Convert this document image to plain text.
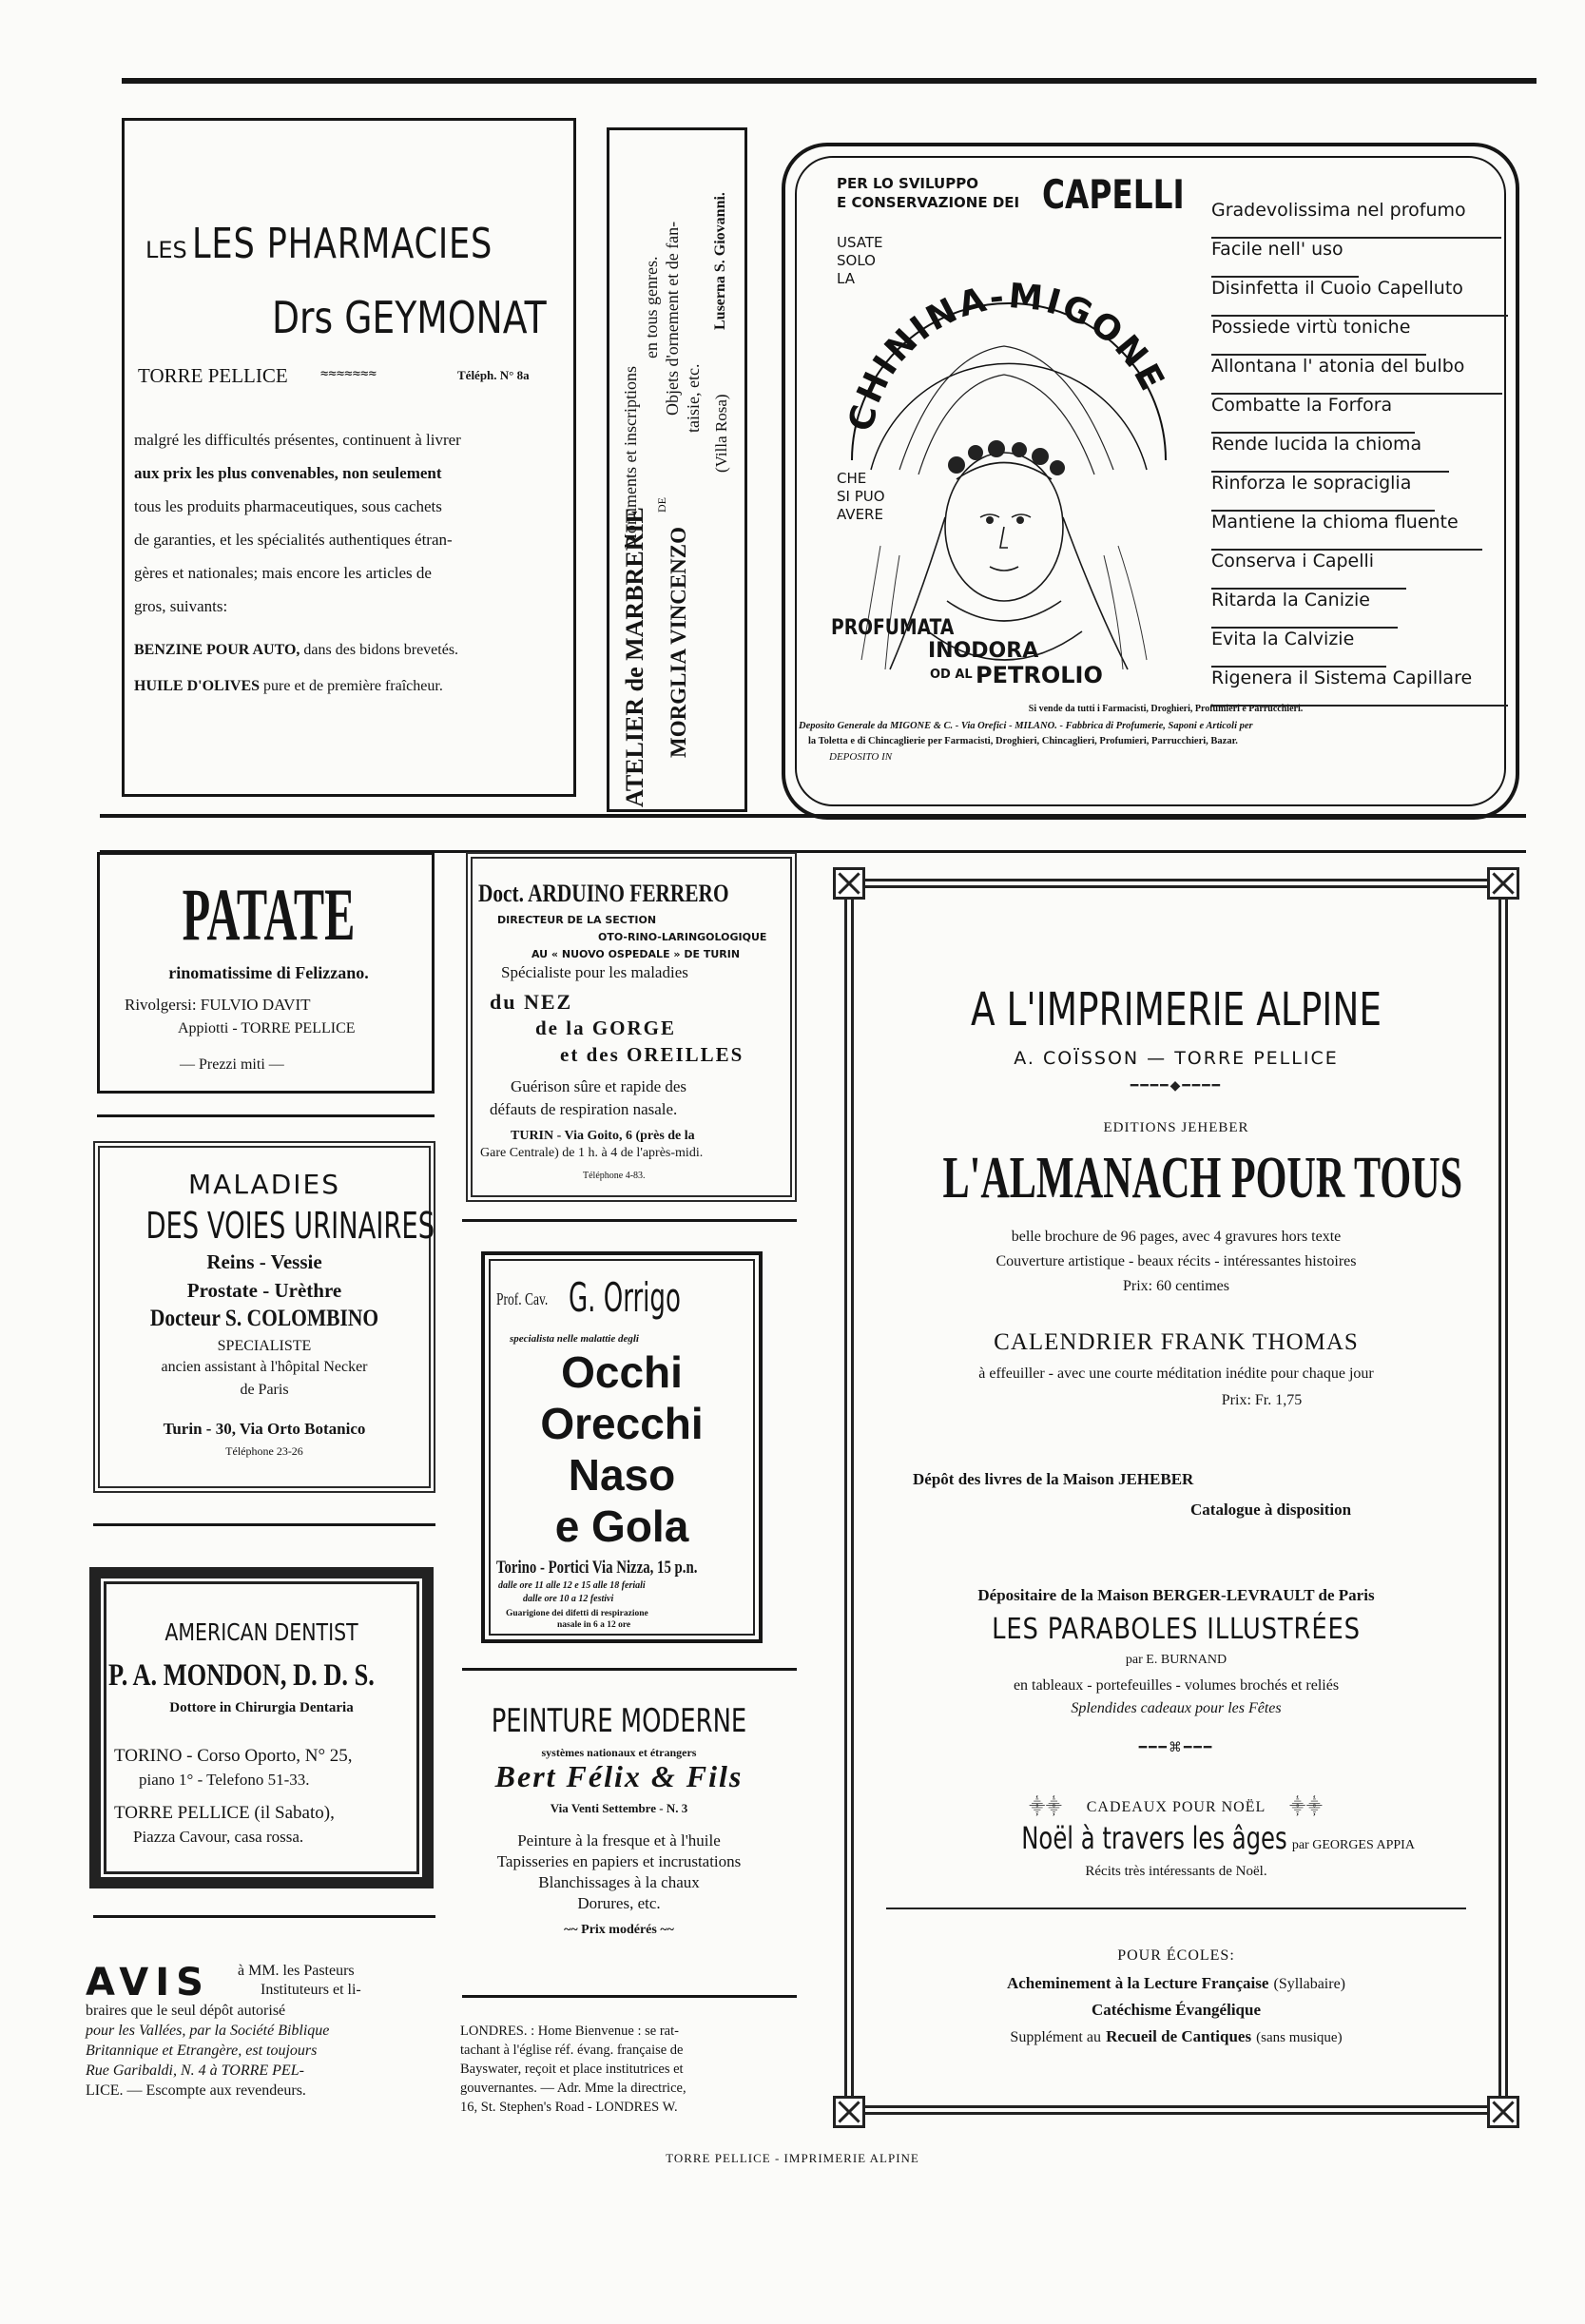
LES LES PHARMACIES
Drs GEYMONAT
TORRE PELLICE ≈≈≈≈≈≈≈	Téléph. N° 8a
malgré les difficultés présentes, continuent à livrer
aux prix les plus convenables, non seulement
tous les produits pharmaceutiques, sous cachets
de garanties, et les spécialités authentiques étran-
gères et nationales; mais encore les articles de
gros, suivants:
BENZINE POUR AUTO, dans des bidons brevetés.
HUILE D'OLIVES pure et de première fraîcheur.	ATELIER de MARBRERIE
DE
MORGLIA VINCENZO
Monuments et inscriptions
en tous genres. Objets d'ornement et de fan- taisie, etc. (Villa Rosa)
Luserna S. Giovanni.
PER LO SVILUPPO
E CONSERVAZIONE DEI CAPELLI
USATE
SOLO
LA
CHININA-MIGONE
CHE
SI PUO
AVERE
PROFUMATA
INODORA
OD AL PETROLIO
Gradevolissima nel profumo
Facile nell' uso
Disinfetta il Cuoio Capelluto
Possiede virtù toniche
Allontana l' atonia del bulbo
Combatte la Forfora
Rende lucida la chioma
Rinforza le sopraciglia
Mantiene la chioma fluente
Conserva i Capelli
Ritarda la Canizie
Evita la Calvizie
Rigenera il Sistema Capillare
Si vende da tutti i Farmacisti, Droghieri, Profumieri e Parrucchieri.
Deposito Generale da MIGONE & C. - Via Orefici - MILANO. - Fabbrica di Profumerie, Saponi e Articoli per
la Toletta e di Chincaglierie per Farmacisti, Droghieri, Chincaglieri, Profumieri, Parrucchieri, Bazar.
DEPOSITO IN
PATATE
rinomatissime di Felizzano.
Rivolgersi: FULVIO DAVIT
Appiotti - TORRE PELLICE
— Prezzi miti —
Doct. ARDUINO FERRERO
DIRECTEUR DE LA SECTION
OTO-RINO-LARINGOLOGIQUE
AU « NUOVO OSPEDALE » DE TURIN
Spécialiste pour les maladies
du NEZ
de la GORGE
et des OREILLES
Guérison sûre et rapide des
défauts de respiration nasale.
TURIN - Via Goito, 6 (près de la
Gare Centrale) de 1 h. à 4 de l'après-midi.
Téléphone 4-83.
MALADIES
DES VOIES URINAIRES
Reins - Vessie
Prostate - Urèthre
Docteur S. COLOMBINO
SPECIALISTE
ancien assistant à l'hôpital Necker
de Paris
Turin - 30, Via Orto Botanico
Téléphone 23-26
Prof. Cav. G. Orrigo
specialista nelle malattie degli
Occhi
Orecchi
Naso
e Gola
Torino - Portici Via Nizza, 15 p.n.
dalle ore 11 alle 12 e 15 alle 18 feriali
dalle ore 10 a 12 festivi
Guarigione dei difetti di respirazione
nasale in 6 a 12 ore
AMERICAN DENTIST
P. A. MONDON, D. D. S.
Dottore in Chirurgia Dentaria
TORINO - Corso Oporto, N° 25,
piano 1° - Telefono 51-33.
TORRE PELLICE (il Sabato),
Piazza Cavour, casa rossa.
PEINTURE MODERNE
systèmes nationaux et étrangers
Bert Félix & Fils
Via Venti Settembre - N. 3
Peinture à la fresque et à l'huile
Tapisseries en papiers et incrustations
Blanchissages à la chaux
Dorures, etc.
~~ Prix modérés ~~
AVIS à MM. les Pasteurs
Instituteurs et li-
braires que le seul dépôt autorisé
pour les Vallées, par la Société Biblique
Britannique et Etrangère, est toujours
Rue Garibaldi, N. 4 à TORRE PEL-
LICE. — Escompte aux revendeurs.
LONDRES. : Home Bienvenue : se rat-
tachant à l'église réf. évang. française de
Bayswater, reçoit et place institutrices et
gouvernantes. — Adr. Mme la directrice,
16, St. Stephen's Road - LONDRES W.
A L'IMPRIMERIE ALPINE
A. COÏSSON — TORRE PELLICE
━━━━◆━━━━
EDITIONS JEHEBER
L'ALMANACH POUR TOUS
belle brochure de 96 pages, avec 4 gravures hors texte
Couverture artistique - beaux récits - intéressantes histoires
Prix: 60 centimes
CALENDRIER FRANK THOMAS
à effeuiller - avec une courte méditation inédite pour chaque jour
Prix: Fr. 1,75
Dépôt des livres de la Maison JEHEBER
Catalogue à disposition
Dépositaire de la Maison BERGER-LEVRAULT de Paris
LES PARABOLES ILLUSTRÉES
par E. BURNAND
en tableaux - portefeuilles - volumes brochés et reliés
Splendides cadeaux pour les Fêtes
━━━⌘━━━
⸎⸎ CADEAUX POUR NOËL ⸎⸎
Noël à travers les âges par GEORGES APPIA
Récits très intéressants de Noël.
POUR ÉCOLES:
Acheminement à la Lecture Française (Syllabaire)
Catéchisme Évangélique
Supplément au Recueil de Cantiques (sans musique)
TORRE PELLICE - IMPRIMERIE ALPINE
